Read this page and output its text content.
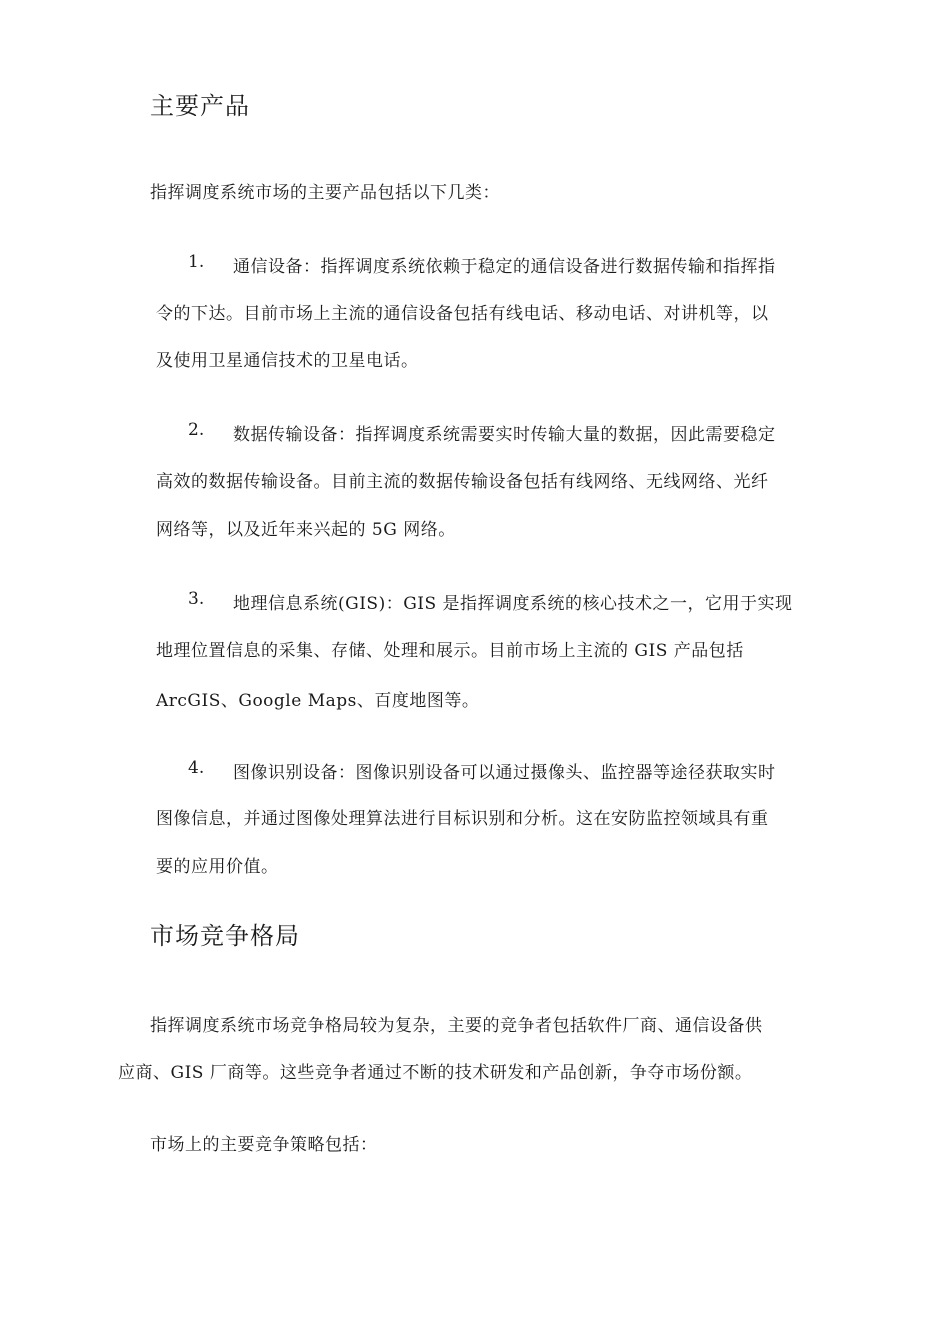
主要产品

指挥调度系统市场的主要产品包括以下几类：

1. 通信设备：指挥调度系统依赖于稳定的通信设备进行数据传输和指挥指

令的下达。目前市场上主流的通信设备包括有线电话、移动电话、对讲机等，以

及使用卫星通信技术的卫星电话。

2. 数据传输设备：指挥调度系统需要实时传输大量的数据，因此需要稳定

高效的数据传输设备。目前主流的数据传输设备包括有线网络、无线网络、光纤

网络等，以及近年来兴起的 5G 网络。

3. 地理信息系统(GIS)：GIS 是指挥调度系统的核心技术之一，它用于实现

地理位置信息的采集、存储、处理和展示。目前市场上主流的 GIS 产品包括

ArcGIS、Google Maps、百度地图等。

4. 图像识别设备：图像识别设备可以通过摄像头、监控器等途径获取实时

图像信息，并通过图像处理算法进行目标识别和分析。这在安防监控领域具有重

要的应用价值。

市场竞争格局

指挥调度系统市场竞争格局较为复杂，主要的竞争者包括软件厂商、通信设备供

应商、GIS 厂商等。这些竞争者通过不断的技术研发和产品创新，争夺市场份额。

市场上的主要竞争策略包括：
